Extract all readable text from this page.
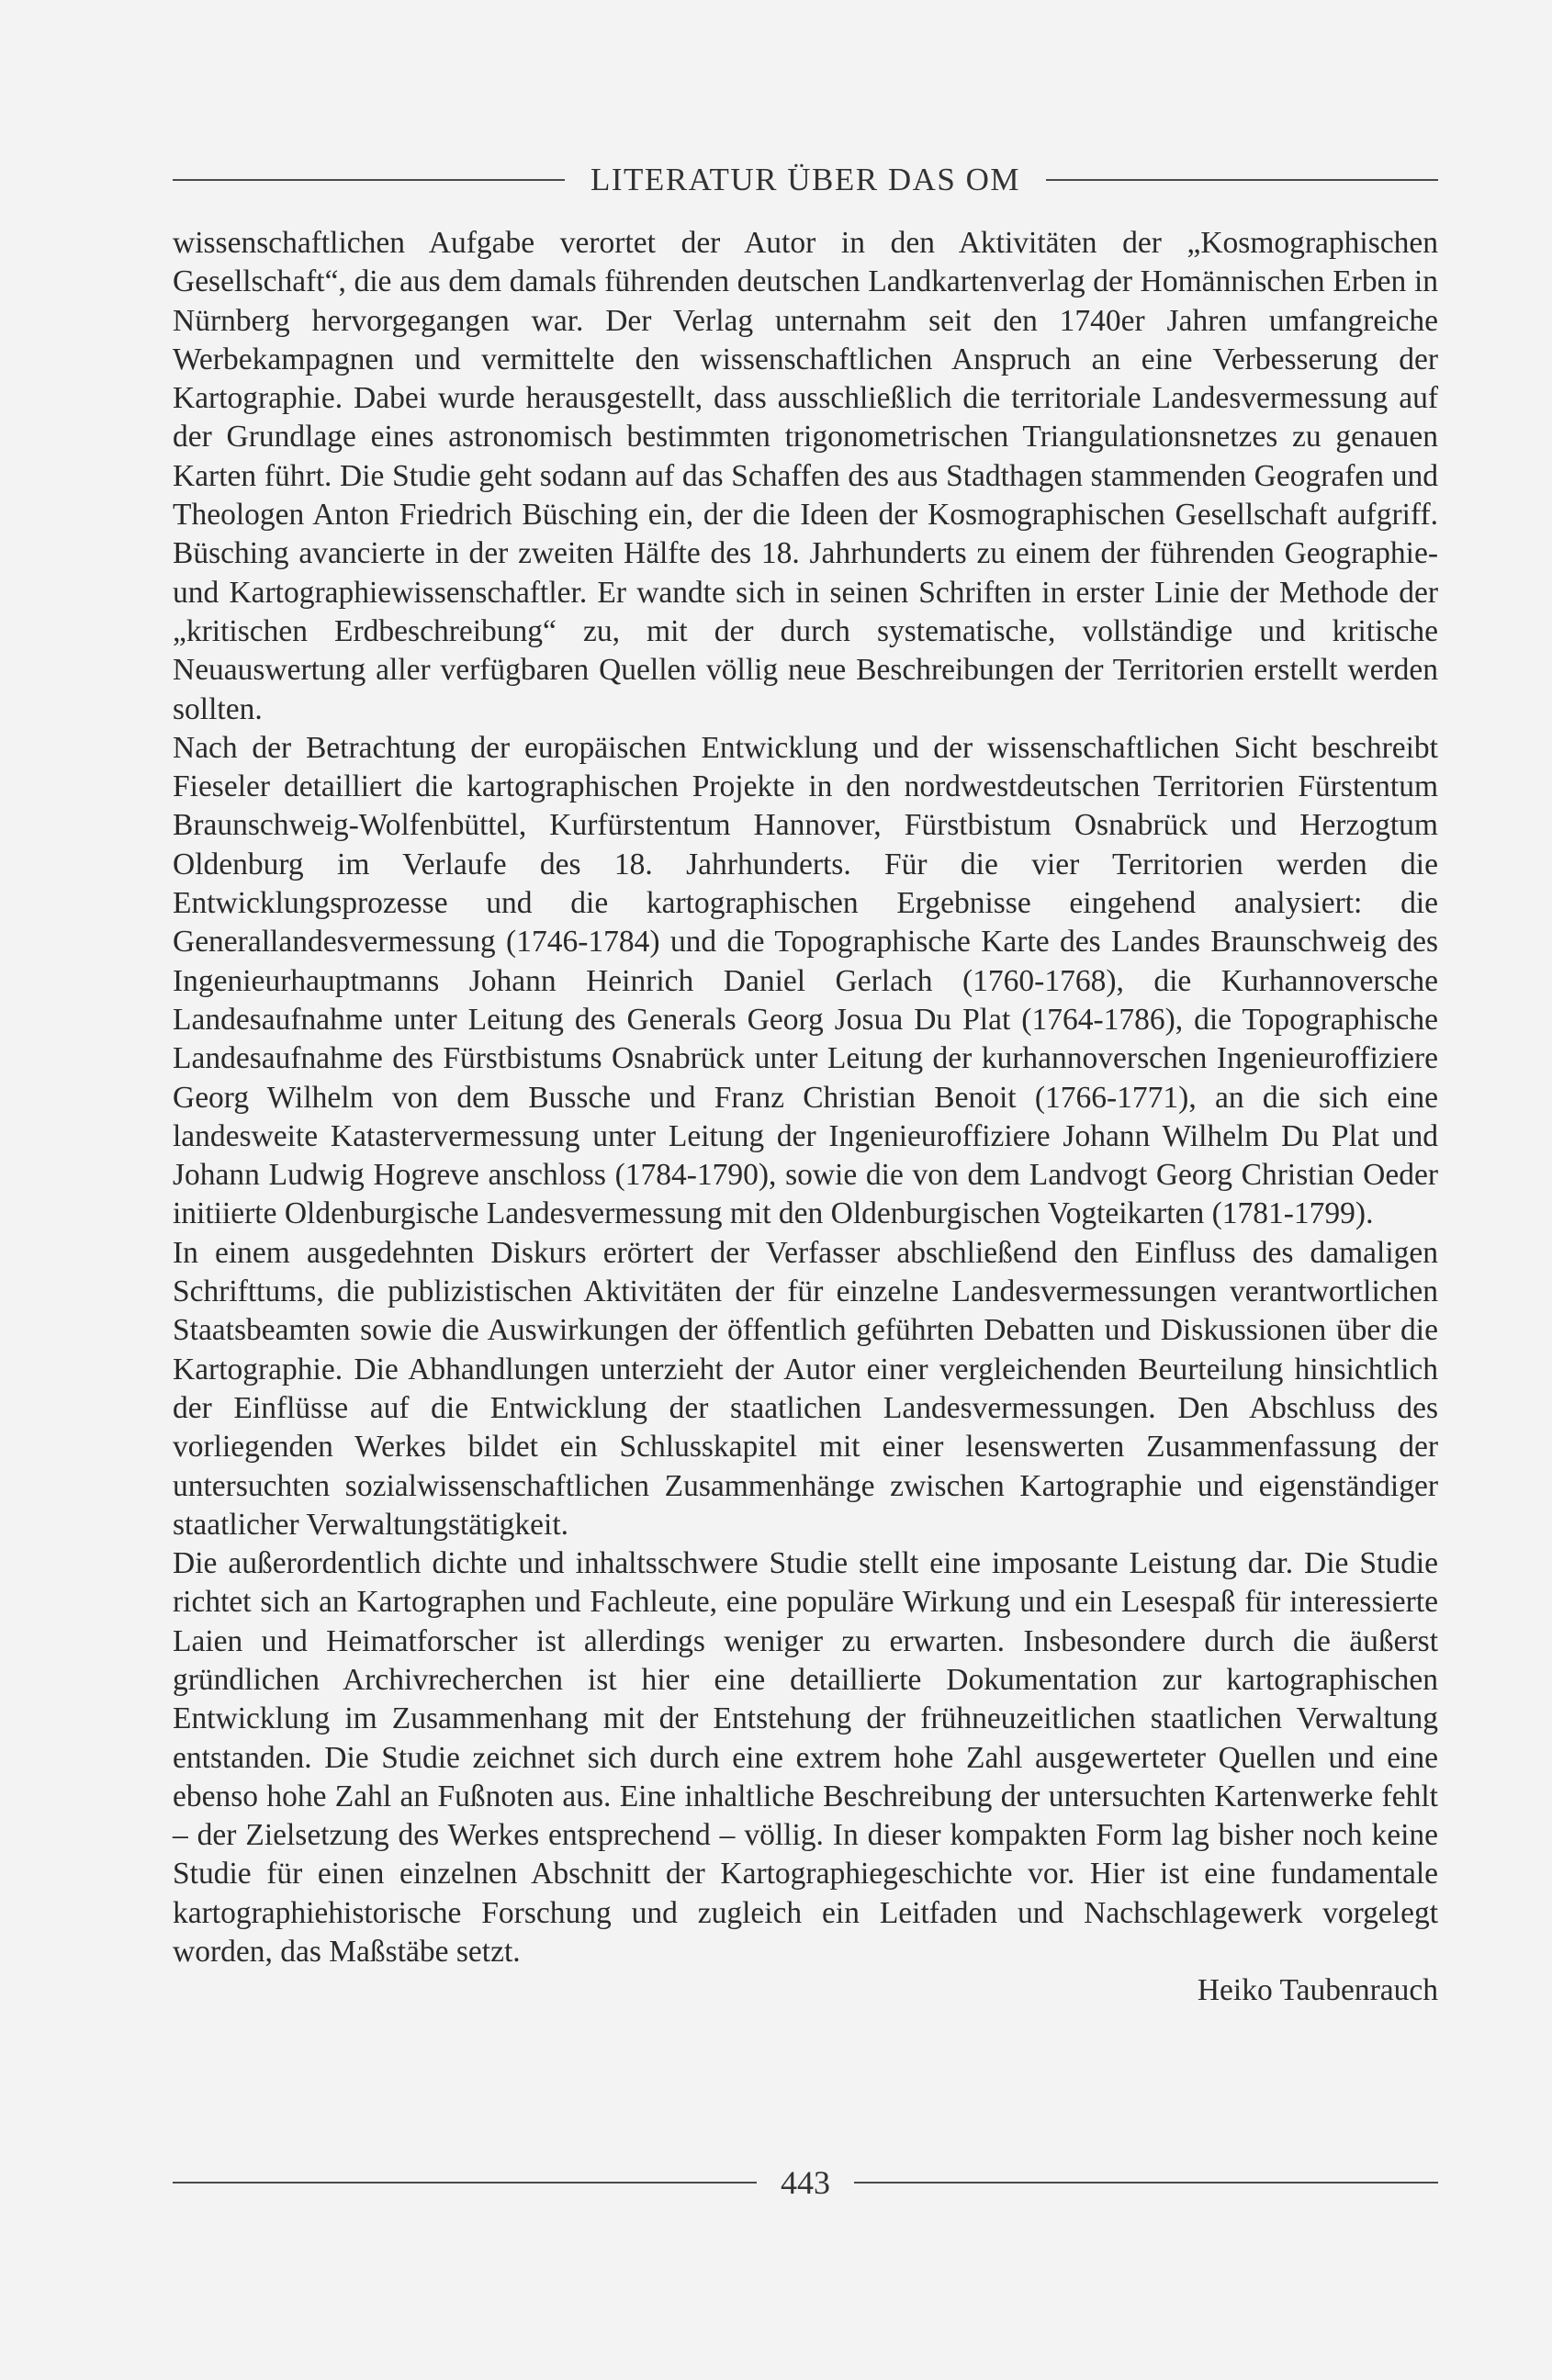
LITERATUR ÜBER DAS OM

wissenschaftlichen Aufgabe verortet der Autor in den Aktivitäten der „Kosmographischen Gesellschaft“, die aus dem damals führenden deutschen Landkartenverlag der Homännischen Erben in Nürnberg hervorgegangen war. Der Verlag unternahm seit den 1740er Jahren umfangreiche Werbekampagnen und vermittelte den wissenschaftlichen Anspruch an eine Verbesserung der Kartographie. Dabei wurde herausgestellt, dass ausschließlich die territoriale Landesvermessung auf der Grundlage eines astronomisch bestimmten trigonometrischen Triangulationsnetzes zu genauen Karten führt. Die Studie geht sodann auf das Schaffen des aus Stadthagen stammenden Geografen und Theologen Anton Friedrich Büsching ein, der die Ideen der Kosmographischen Gesellschaft aufgriff. Büsching avancierte in der zweiten Hälfte des 18. Jahrhunderts zu einem der führenden Geographie- und Kartographiewissenschaftler. Er wandte sich in seinen Schriften in erster Linie der Methode der „kritischen Erdbeschreibung“ zu, mit der durch systematische, vollständige und kritische Neuauswertung aller verfügbaren Quellen völlig neue Beschreibungen der Territorien erstellt werden sollten.

Nach der Betrachtung der europäischen Entwicklung und der wissenschaftlichen Sicht beschreibt Fieseler detailliert die kartographischen Projekte in den nordwestdeutschen Territorien Fürstentum Braunschweig-Wolfenbüttel, Kurfürstentum Hannover, Fürstbistum Osnabrück und Herzogtum Oldenburg im Verlaufe des 18. Jahrhunderts. Für die vier Territorien werden die Entwicklungsprozesse und die kartographischen Ergebnisse eingehend analysiert: die Generallandesvermessung (1746-1784) und die Topographische Karte des Landes Braunschweig des Ingenieurhauptmanns Johann Heinrich Daniel Gerlach (1760-1768), die Kurhannoversche Landesaufnahme unter Leitung des Generals Georg Josua Du Plat (1764-1786), die Topographische Landesaufnahme des Fürstbistums Osnabrück unter Leitung der kurhannoverschen Ingenieuroffiziere Georg Wilhelm von dem Bussche und Franz Christian Benoit (1766-1771), an die sich eine landesweite Katastervermessung unter Leitung der Ingenieuroffiziere Johann Wilhelm Du Plat und Johann Ludwig Hogreve anschloss (1784-1790), sowie die von dem Landvogt Georg Christian Oeder initiierte Oldenburgische Landesvermessung mit den Oldenburgischen Vogteikarten (1781-1799).

In einem ausgedehnten Diskurs erörtert der Verfasser abschließend den Einfluss des damaligen Schrifttums, die publizistischen Aktivitäten der für einzelne Landesvermessungen verantwortlichen Staatsbeamten sowie die Auswirkungen der öffentlich geführten Debatten und Diskussionen über die Kartographie. Die Abhandlungen unterzieht der Autor einer vergleichenden Beurteilung hinsichtlich der Einflüsse auf die Entwicklung der staatlichen Landesvermessungen. Den Abschluss des vorliegenden Werkes bildet ein Schlusskapitel mit einer lesenswerten Zusammenfassung der untersuchten sozialwissenschaftlichen Zusammenhänge zwischen Kartographie und eigenständiger staatlicher Verwaltungstätigkeit.

Die außerordentlich dichte und inhaltsschwere Studie stellt eine imposante Leistung dar. Die Studie richtet sich an Kartographen und Fachleute, eine populäre Wirkung und ein Lesespaß für interessierte Laien und Heimatforscher ist allerdings weniger zu erwarten. Insbesondere durch die äußerst gründlichen Archivrecherchen ist hier eine detaillierte Dokumentation zur kartographischen Entwicklung im Zusammenhang mit der Entstehung der frühneuzeitlichen staatlichen Verwaltung entstanden. Die Studie zeichnet sich durch eine extrem hohe Zahl ausgewerteter Quellen und eine ebenso hohe Zahl an Fußnoten aus. Eine inhaltliche Beschreibung der untersuchten Kartenwerke fehlt – der Zielsetzung des Werkes entsprechend – völlig. In dieser kompakten Form lag bisher noch keine Studie für einen einzelnen Abschnitt der Kartographiegeschichte vor. Hier ist eine fundamentale kartographiehistorische Forschung und zugleich ein Leitfaden und Nachschlagewerk vorgelegt worden, das Maßstäbe setzt.

Heiko Taubenrauch

443
